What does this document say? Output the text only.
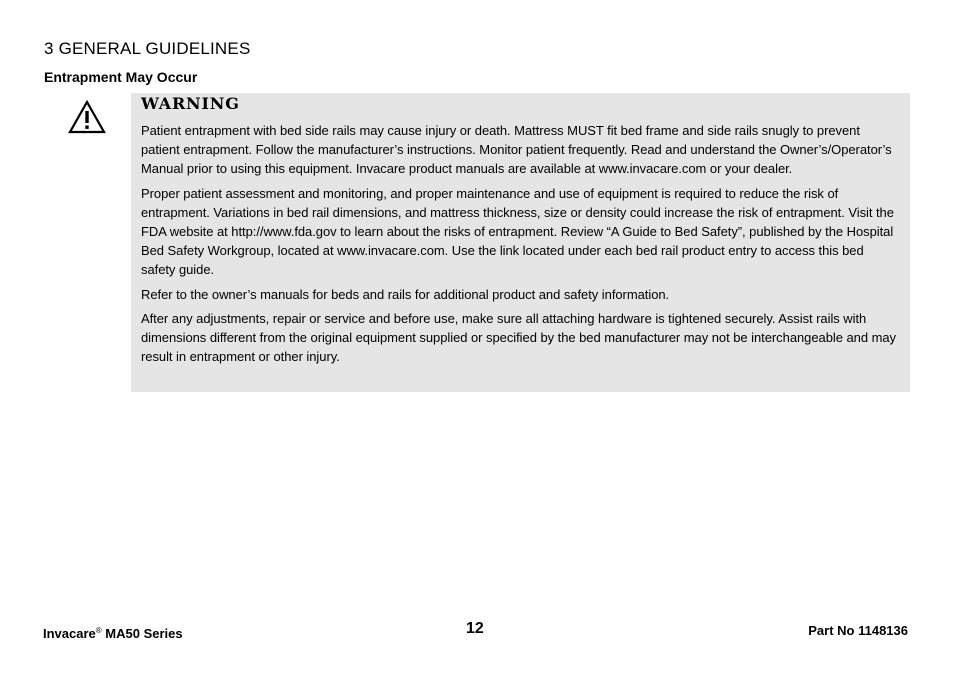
3 GENERAL GUIDELINES
Entrapment May Occur
WARNING

Patient entrapment with bed side rails may cause injury or death. Mattress MUST fit bed frame and side rails snugly to prevent patient entrapment. Follow the manufacturer’s instructions. Monitor patient frequently. Read and understand the Owner’s/Operator’s Manual prior to using this equipment. Invacare product manuals are available at www.invacare.com or your dealer.

Proper patient assessment and monitoring, and proper maintenance and use of equipment is required to reduce the risk of entrapment. Variations in bed rail dimensions, and mattress thickness, size or density could increase the risk of entrapment. Visit the FDA website at http://www.fda.gov to learn about the risks of entrapment. Review “A Guide to Bed Safety”, published by the Hospital Bed Safety Workgroup, located at www.invacare.com. Use the link located under each bed rail product entry to access this bed safety guide.

Refer to the owner’s manuals for beds and rails for additional product and safety information.

After any adjustments, repair or service and before use, make sure all attaching hardware is tightened securely. Assist rails with dimensions different from the original equipment supplied or specified by the bed manufacturer may not be interchangeable and may result in entrapment or other injury.

Invacare® MA50 Series	12	Part No 1148136
